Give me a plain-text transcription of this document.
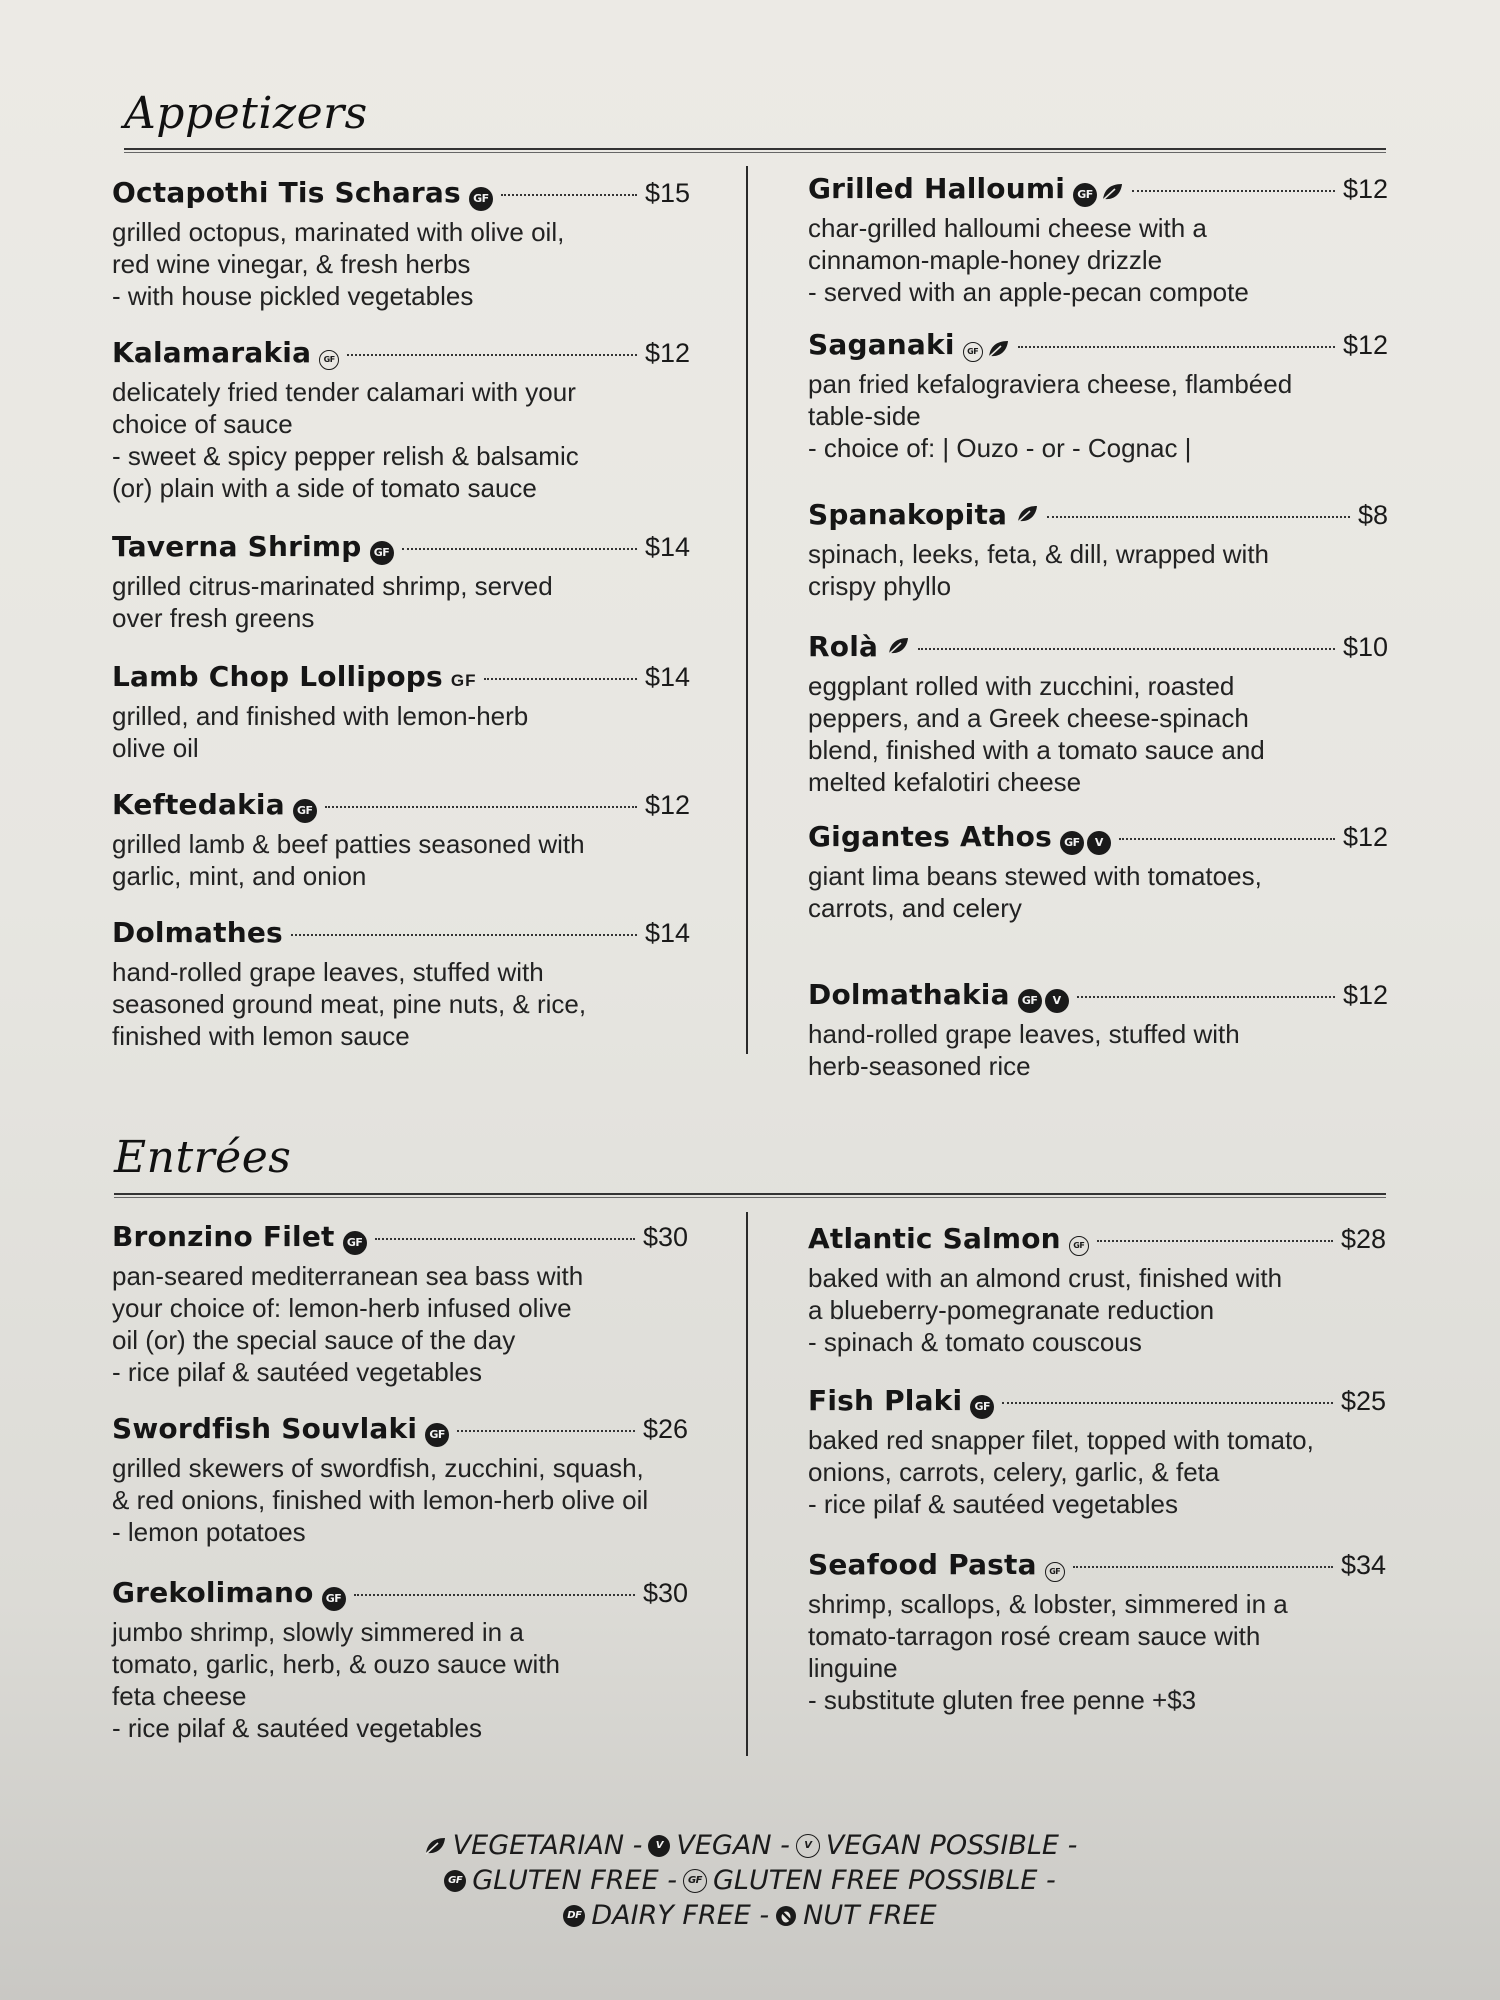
Appetizers
Octapothi Tis Scharas	GF	$15
grilled octopus, marinated with olive oil,
red wine vinegar, & fresh herbs
- with house pickled vegetables
Kalamarakia	GF	$12
delicately fried tender calamari with your
choice of sauce
- sweet & spicy pepper relish & balsamic
(or) plain with a side of tomato sauce
Taverna Shrimp	GF	$14
grilled citrus-marinated shrimp, served
over fresh greens
Lamb Chop Lollipops GF	$14
grilled, and finished with lemon-herb
olive oil
Keftedakia	GF	$12
grilled lamb & beef patties seasoned with
garlic, mint, and onion
Dolmathes	$14
hand-rolled grape leaves, stuffed with
seasoned ground meat, pine nuts, & rice,
finished with lemon sauce
Grilled Halloumi	GF	$12
char-grilled halloumi cheese with a
cinnamon-maple-honey drizzle
- served with an apple-pecan compote
Saganaki	GF	$12
pan fried kefalograviera cheese, flambéed
table-side
- choice of: | Ouzo - or - Cognac |
Spanakopita	$8
spinach, leeks, feta, & dill, wrapped with
crispy phyllo
Rolà	$10
eggplant rolled with zucchini, roasted
peppers, and a Greek cheese-spinach
blend, finished with a tomato sauce and
melted kefalotiri cheese
Gigantes Athos	GF	V	$12
giant lima beans stewed with tomatoes,
carrots, and celery
Dolmathakia	GF	V	$12
hand-rolled grape leaves, stuffed with
herb-seasoned rice
Entrées
Bronzino Filet	GF	$30
pan-seared mediterranean sea bass with
your choice of: lemon-herb infused olive
oil (or) the special sauce of the day
- rice pilaf & sautéed vegetables
Swordfish Souvlaki	GF	$26
grilled skewers of swordfish, zucchini, squash,
& red onions, finished with lemon-herb olive oil
- lemon potatoes
Grekolimano	GF	$30
jumbo shrimp, slowly simmered in a
tomato, garlic, herb, & ouzo sauce with
feta cheese
- rice pilaf & sautéed vegetables
Atlantic Salmon	GF	$28
baked with an almond crust, finished with
a blueberry-pomegranate reduction
- spinach & tomato couscous
Fish Plaki	GF	$25
baked red snapper filet, topped with tomato,
onions, carrots, celery, garlic, & feta
- rice pilaf & sautéed vegetables
Seafood Pasta	GF	$34
shrimp, scallops, & lobster, simmered in a
tomato-tarragon rosé cream sauce with
linguine
- substitute gluten free penne +$3
VEGETARIAN -	V VEGAN -	V VEGAN POSSIBLE -
GF GLUTEN FREE -	GF GLUTEN FREE POSSIBLE -
DF DAIRY FREE - NUT FREE
